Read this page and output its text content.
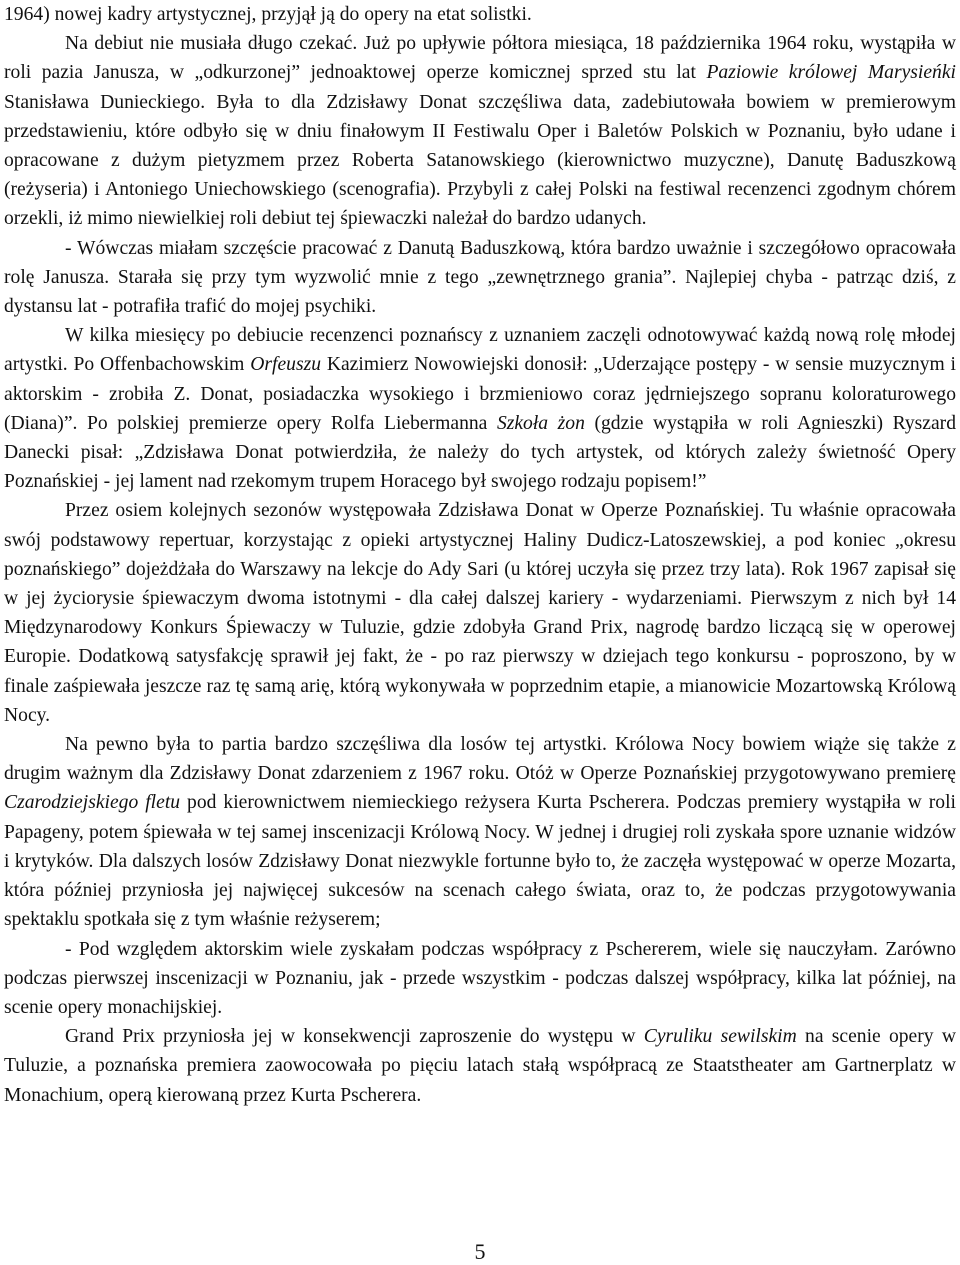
1964) nowej kadry artystycznej, przyjął ją do opery na etat solistki.

Na debiut nie musiała długo czekać. Już po upływie półtora miesiąca, 18 października 1964 roku, wystąpiła w roli pazia Janusza, w „odkurzonej” jednoaktowej operze komicznej sprzed stu lat Paziowie królowej Marysieńki Stanisława Dunieckiego. Była to dla Zdzisławy Donat szczęśliwa data, zadebiutowała bowiem w premierowym przedstawieniu, które odbyło się w dniu finałowym II Festiwalu Oper i Baletów Polskich w Poznaniu, było udane i opracowane z dużym pietyzmem przez Roberta Satanowskiego (kierownictwo muzyczne), Danutę Baduszkową (reżyseria) i Antoniego Uniechowskiego (scenografia). Przybyli z całej Polski na festiwal recenzenci zgodnym chórem orzekli, iż mimo niewielkiej roli debiut tej śpiewaczki należał do bardzo udanych.

- Wówczas miałam szczęście pracować z Danutą Baduszkową, która bardzo uważnie i szczegółowo opracowała rolę Janusza. Starała się przy tym wyzwolić mnie z tego „zewnętrznego grania”. Najlepiej chyba - patrząc dziś, z dystansu lat - potrafiła trafić do mojej psychiki.

W kilka miesięcy po debiucie recenzenci poznańscy z uznaniem zaczęli odnotowywać każdą nową rolę młodej artystki. Po Offenbachowskim Orfeuszu Kazimierz Nowowiejski donosił: „Uderzające postępy - w sensie muzycznym i aktorskim - zrobiła Z. Donat, posiadaczka wysokiego i brzmieniowo coraz jędrniejszego sopranu koloraturowego (Diana)”. Po polskiej premierze opery Rolfa Liebermanna Szkoła żon (gdzie wystąpiła w roli Agnieszki) Ryszard Danecki pisał: „Zdzisława Donat potwierdziła, że należy do tych artystek, od których zależy świetność Opery Poznańskiej - jej lament nad rzekomym trupem Horacego był swojego rodzaju popisem!”

Przez osiem kolejnych sezonów występowała Zdzisława Donat w Operze Poznańskiej. Tu właśnie opracowała swój podstawowy repertuar, korzystając z opieki artystycznej Haliny Dudicz-Latoszewskiej, a pod koniec „okresu poznańskiego” dojeżdżała do Warszawy na lekcje do Ady Sari (u której uczyła się przez trzy lata). Rok 1967 zapisał się w jej życiorysie śpiewaczym dwoma istotnymi - dla całej dalszej kariery - wydarzeniami. Pierwszym z nich był 14 Międzynarodowy Konkurs Śpiewaczy w Tuluzie, gdzie zdobyła Grand Prix, nagrodę bardzo liczącą się w operowej Europie. Dodatkową satysfakcję sprawił jej fakt, że - po raz pierwszy w dziejach tego konkursu - poproszono, by w finale zaśpiewała jeszcze raz tę samą arię, którą wykonywała w poprzednim etapie, a mianowicie Mozartowską Królową Nocy.

Na pewno była to partia bardzo szczęśliwa dla losów tej artystki. Królowa Nocy bowiem wiąże się także z drugim ważnym dla Zdzisławy Donat zdarzeniem z 1967 roku. Otóż w Operze Poznańskiej przygotowywano premierę Czarodziejskiego fletu pod kierownictwem niemieckiego reżysera Kurta Pscherera. Podczas premiery wystąpiła w roli Papageny, potem śpiewała w tej samej inscenizacji Królową Nocy. W jednej i drugiej roli zyskała spore uznanie widzów i krytyków. Dla dalszych losów Zdzisławy Donat niezwykle fortunne było to, że zaczęła występować w operze Mozarta, która później przyniosła jej najwięcej sukcesów na scenach całego świata, oraz to, że podczas przygotowywania spektaklu spotkała się z tym właśnie reżyserem;

- Pod względem aktorskim wiele zyskałam podczas współpracy z Pschererem, wiele się nauczyłam. Zarówno podczas pierwszej inscenizacji w Poznaniu, jak - przede wszystkim - podczas dalszej współpracy, kilka lat później, na scenie opery monachijskiej.

Grand Prix przyniosła jej w konsekwencji zaproszenie do występu w Cyruliku sewilskim na scenie opery w Tuluzie, a poznańska premiera zaowocowała po pięciu latach stałą współpracą ze Staatstheater am Gartnerplatz w Monachium, operą kierowaną przez Kurta Pscherera.

5
